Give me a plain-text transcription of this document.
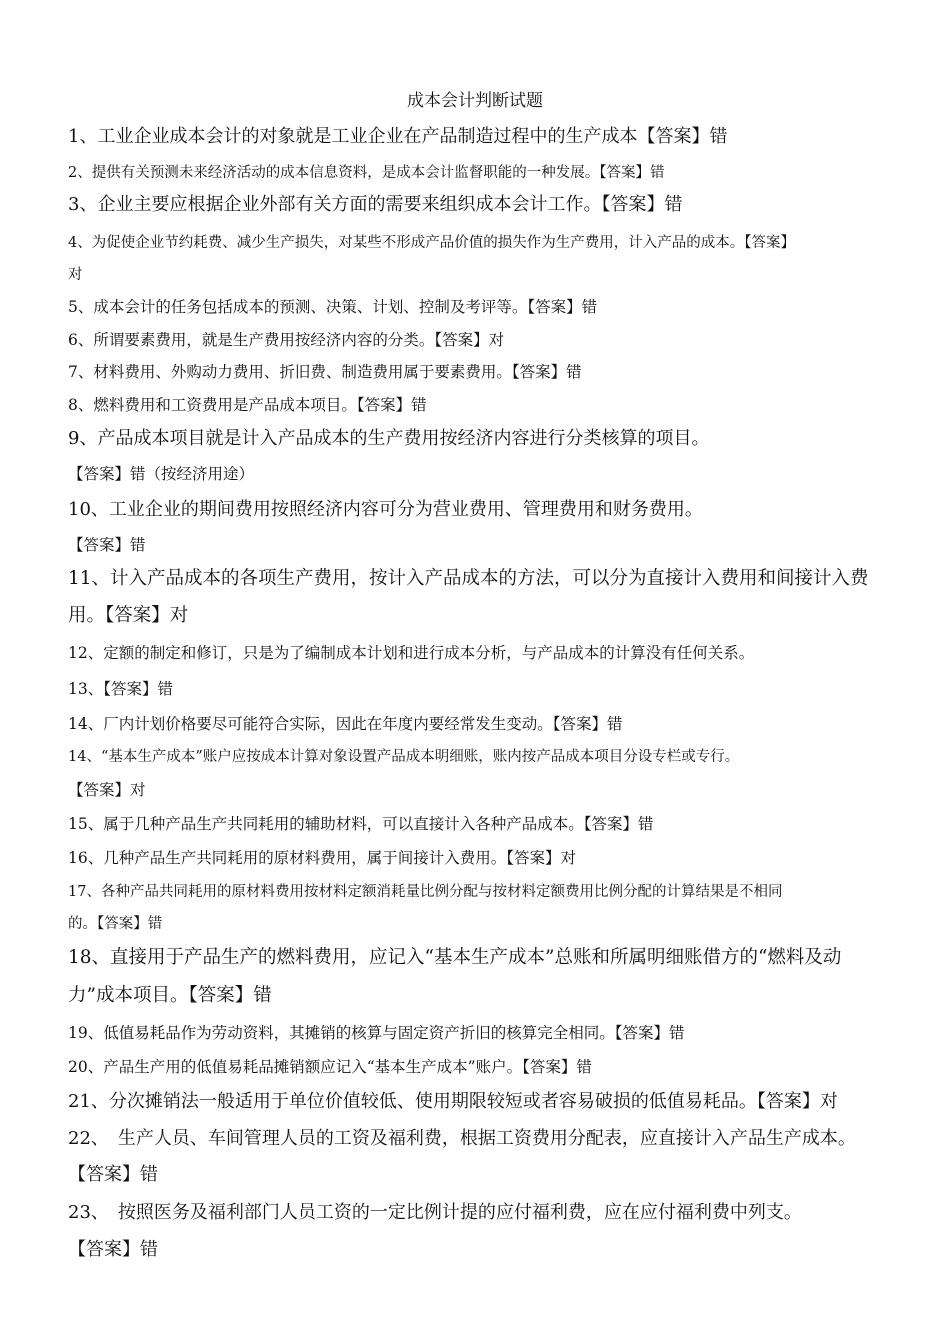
成本会计判断试题
1、工业企业成本会计的对象就是工业企业在产品制造过程中的生产成本【答案】错
2、提供有关预测未来经济活动的成本信息资料，是成本会计监督职能的一种发展。【答案】错
3、企业主要应根据企业外部有关方面的需要来组织成本会计工作。【答案】错
4、为促使企业节约耗费、减少生产损失，对某些不形成产品价值的损失作为生产费用，计入产品的成本。【答案】
对
5、成本会计的任务包括成本的预测、决策、计划、控制及考评等。【答案】错
6、所谓要素费用，就是生产费用按经济内容的分类。【答案】对
7、材料费用、外购动力费用、折旧费、制造费用属于要素费用。【答案】错
8、燃料费用和工资费用是产品成本项目。【答案】错
9、产品成本项目就是计入产品成本的生产费用按经济内容进行分类核算的项目。
【答案】错（按经济用途）
10、工业企业的期间费用按照经济内容可分为营业费用、管理费用和财务费用。
【答案】错
11、计入产品成本的各项生产费用，按计入产品成本的方法，可以分为直接计入费用和间接计入费
用。【答案】对
12、定额的制定和修订，只是为了编制成本计划和进行成本分析，与产品成本的计算没有任何关系。
13、【答案】错
14、厂内计划价格要尽可能符合实际，因此在年度内要经常发生变动。【答案】错
14、“基本生产成本”账户应按成本计算对象设置产品成本明细账，账内按产品成本项目分设专栏或专行。
【答案】对
15、属于几种产品生产共同耗用的辅助材料，可以直接计入各种产品成本。【答案】错
16、几种产品生产共同耗用的原材料费用，属于间接计入费用。【答案】对
17、各种产品共同耗用的原材料费用按材料定额消耗量比例分配与按材料定额费用比例分配的计算结果是不相同
的。【答案】错
18、直接用于产品生产的燃料费用，应记入“基本生产成本”总账和所属明细账借方的“燃料及动
力”成本项目。【答案】错
19、低值易耗品作为劳动资料，其摊销的核算与固定资产折旧的核算完全相同。【答案】错
20、产品生产用的低值易耗品摊销额应记入“基本生产成本”账户。【答案】错
21、分次摊销法一般适用于单位价值较低、使用期限较短或者容易破损的低值易耗品。【答案】对
22、　生产人员、车间管理人员的工资及福利费，根据工资费用分配表，应直接计入产品生产成本。
【答案】错
23、　按照医务及福利部门人员工资的一定比例计提的应付福利费，应在应付福利费中列支。
【答案】错
